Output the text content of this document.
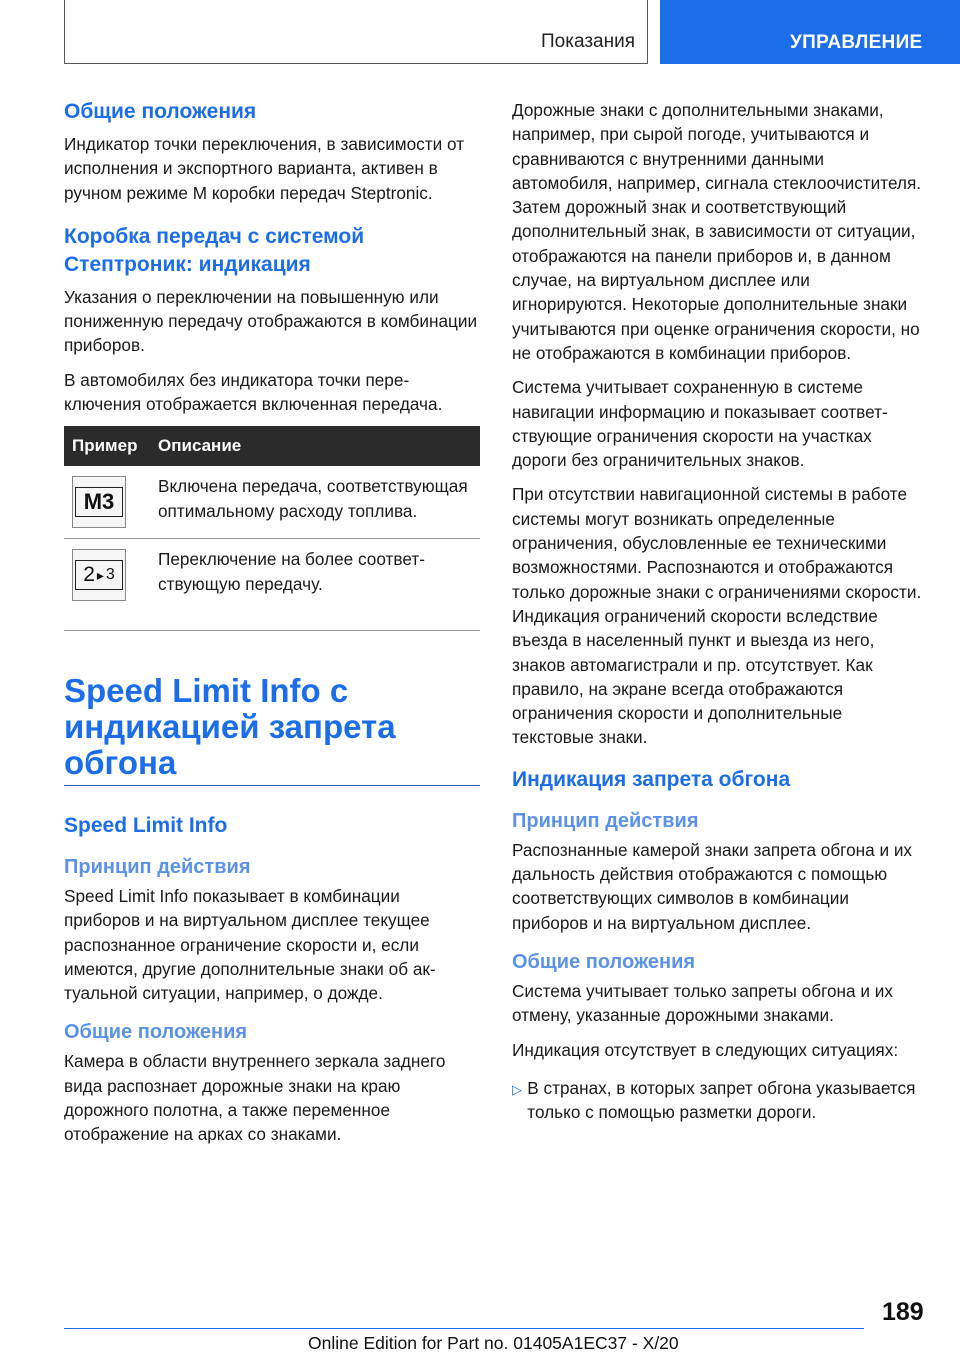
Показания	УПРАВЛЕНИЕ
Общие положения

Индикатор точки переключения, в зависимости от исполнения и экспортного варианта, активен в ручном режиме М коробки передач Steptronic.

Коробка передач с системой Стептроник: индикация

Указания о переключении на повышенную или пониженную передачу отображаются в комбинации приборов.

В автомобилях без индикатора точки переключения отображается включенная передача.

Пример	Описание

M3	Включена передача, соответствующая оптимальному расходу топлива.

2 ▸ 3	Переключение на более соответствующую передачу.
Speed Limit Info с индикацией запрета обгона
Speed Limit Info
Принцип действия

Speed Limit Info показывает в комбинации приборов и на виртуальном дисплее текущее распознанное ограничение скорости и, если имеются, другие дополнительные знаки об актуальной ситуации, например, о дожде.

Общие положения

Камера в области внутреннего зеркала заднего вида распознает дорожные знаки на краю дорожного полотна, а также переменное отображение на арках со знаками.

Дорожные знаки с дополнительными знаками, например, при сырой погоде, учитываются и сравниваются с внутренними данными автомобиля, например, сигнала стеклоочистителя. Затем дорожный знак и соответствующий дополнительный знак, в зависимости от ситуации, отображаются на панели приборов и, в данном случае, на виртуальном дисплее или игнорируются. Некоторые дополнительные знаки учитываются при оценке ограничения скорости, но не отображаются в комбинации приборов.

Система учитывает сохраненную в системе навигации информацию и показывает соответствующие ограничения скорости на участках дороги без ограничительных знаков.

При отсутствии навигационной системы в работе системы могут возникать определенные ограничения, обусловленные ее техническими возможностями. Распознаются и отображаются только дорожные знаки с ограничениями скорости. Индикация ограничений скорости вследствие въезда в населенный пункт и выезда из него, знаков автомагистрали и пр. отсутствует. Как правило, на экране всегда отображаются ограничения скорости и дополнительные текстовые знаки.

Индикация запрета обгона
Принцип действия

Распознанные камерой знаки запрета обгона и их дальность действия отображаются с помощью соответствующих символов в комбинации приборов и на виртуальном дисплее.

Общие положения

Система учитывает только запреты обгона и их отмену, указанные дорожными знаками.

Индикация отсутствует в следующих ситуациях:

▷ В странах, в которых запрет обгона указывается только с помощью разметки дороги.
189
Online Edition for Part no. 01405A1EC37 - X/20
